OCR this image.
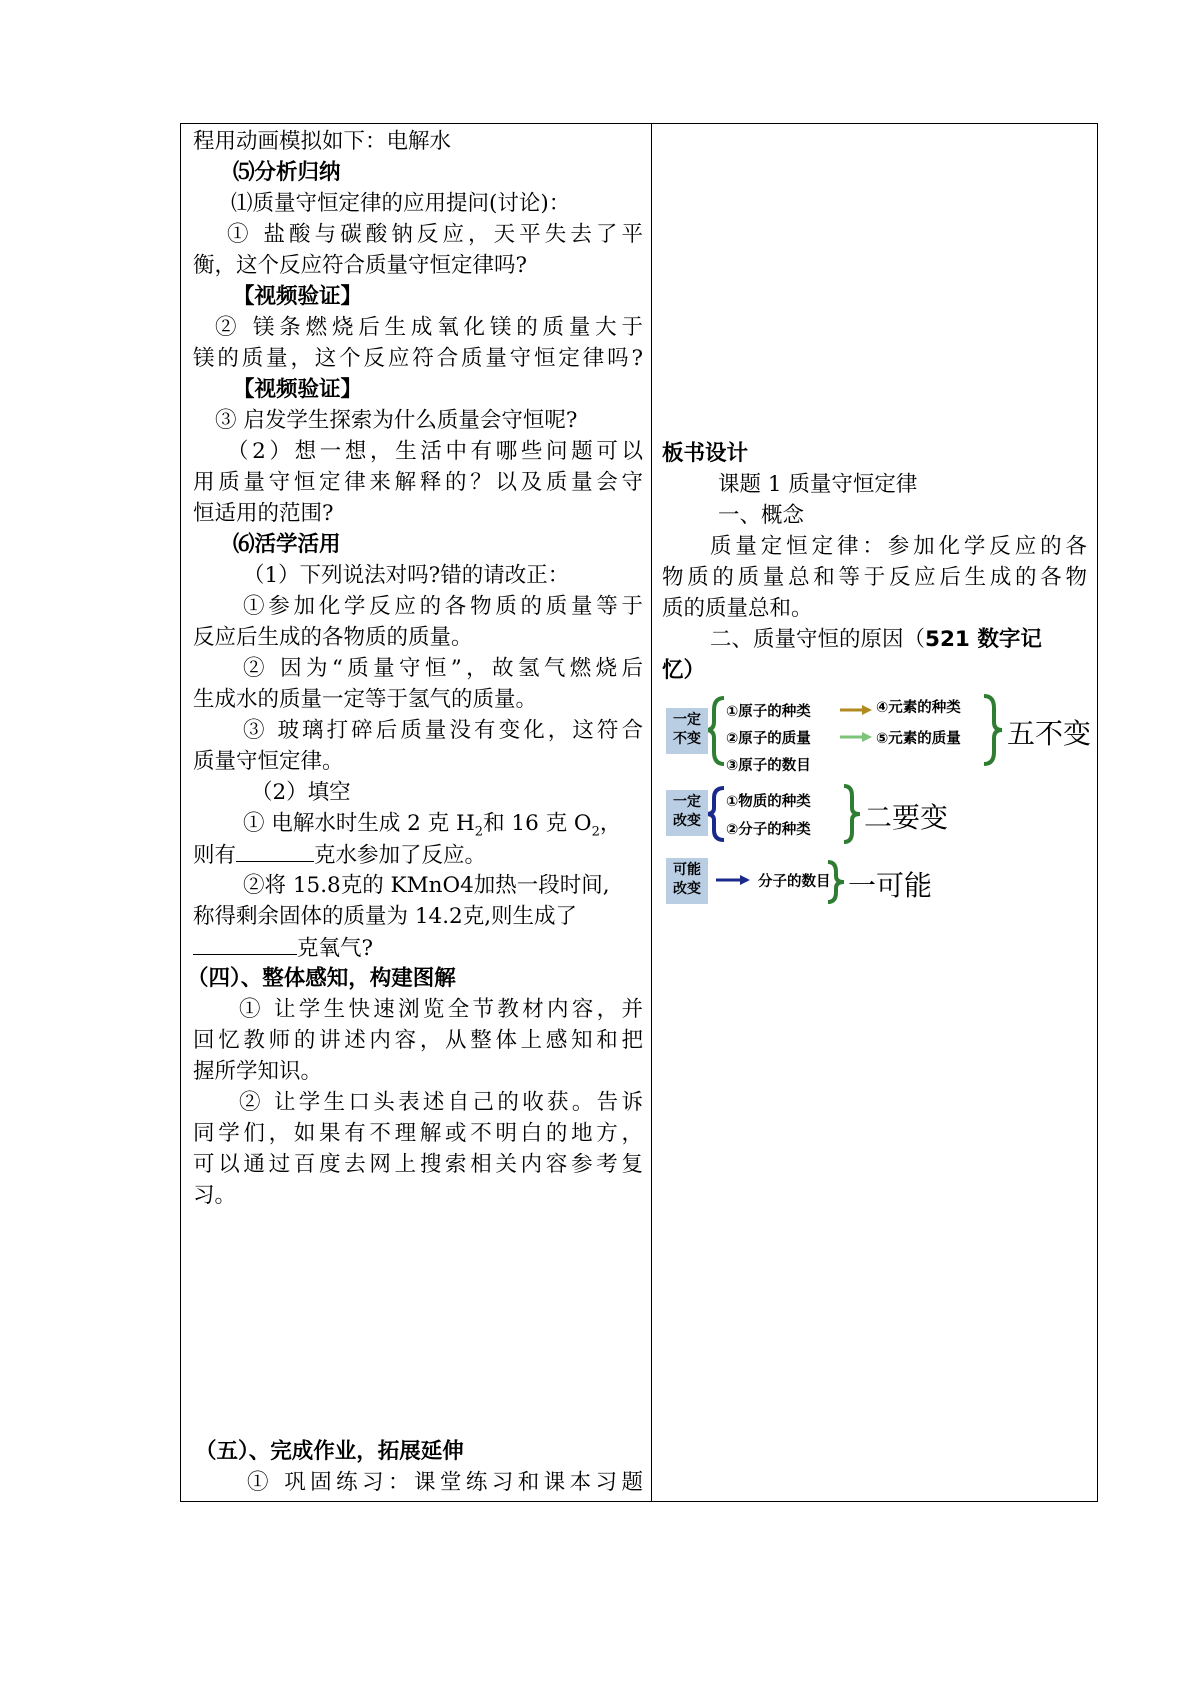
程用动画模拟如下：电解水
⑸分析归纳
⑴质量守恒定律的应用提问(讨论)：
① 盐酸与碳酸钠反应，天平失去了平
衡，这个反应符合质量守恒定律吗?
【视频验证】
② 镁条燃烧后生成氧化镁的质量大于
镁的质量，这个反应符合质量守恒定律吗?
【视频验证】
③ 启发学生探索为什么质量会守恒呢?
（2）想一想，生活中有哪些问题可以
用质量守恒定律来解释的？以及质量会守
恒适用的范围?
⑹活学活用
（1）下列说法对吗?错的请改正：
①参加化学反应的各物质的质量等于
反应后生成的各物质的质量。
② 因为“质量守恒”，故氢气燃烧后
生成水的质量一定等于氢气的质量。
③ 玻璃打碎后质量没有变化，这符合
质量守恒定律。
（2）填空
① 电解水时生成 2 克 $H_2$和 16 克 $O_2$，
则有	克水参加了反应。
②将 15.8克的 KMnO4加热一段时间,
称得剩余固体的质量为 14.2克,则生成了
克氧气?
（四）、整体感知，构建图解
① 让学生快速浏览全节教材内容，并
回忆教师的讲述内容，从整体上感知和把
握所学知识。
② 让学生口头表述自己的收获。告诉
同学们，如果有不理解或不明白的地方，
可以通过百度去网上搜索相关内容参考复
习。
（五）、完成作业，拓展延伸
① 巩固练习：课堂练习和课本习题
板书设计
课题 1 质量守恒定律
一、概念
质量定恒定律：参加化学反应的各
物质的质量总和等于反应后生成的各物
质的质量总和。
二、质量守恒的原因（521 数字记
忆）
一定
不变
①原子的种类
②原子的质量
③原子的数目
④元素的种类
⑤元素的质量 五不变
一定
改变
①物质的种类
②分子的种类 二要变
可能
改变	分子的数目 一可能
